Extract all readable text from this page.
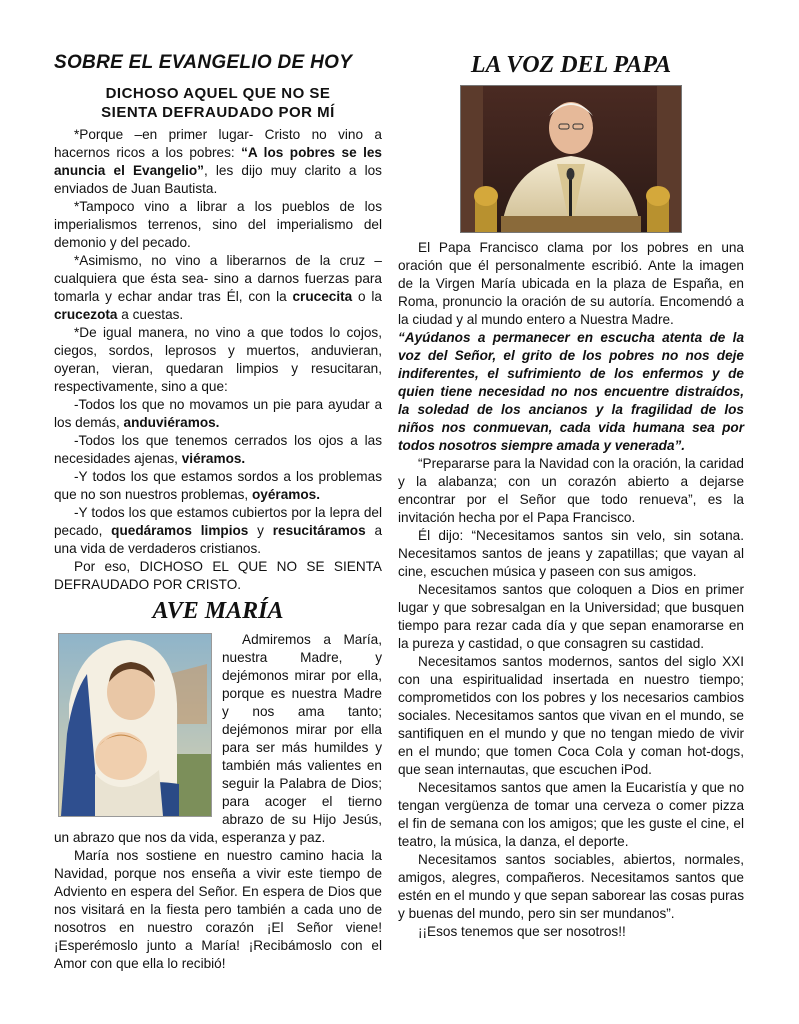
SOBRE EL EVANGELIO DE HOY
DICHOSO AQUEL QUE NO SE
SIENTA DEFRAUDADO POR MÍ

*Porque –en primer lugar- Cristo no vino a hacernos ricos a los pobres: “A los pobres se les anuncia el Evangelio”, les dijo muy clarito a los enviados de Juan Bautista.

*Tampoco vino a librar a los pueblos de los imperialismos terrenos, sino del imperialismo del demonio y del pecado.

*Asimismo, no vino a liberarnos de la cruz – cualquiera que ésta sea- sino a darnos fuerzas para tomarla y echar andar tras Él, con la crucecita o la crucezota a cuestas.

*De igual manera, no vino a que todos lo cojos, ciegos, sordos, leprosos y muertos, anduvieran, oyeran, vieran, quedaran limpios y resucitaran, respectivamente, sino a que:

-Todos los que no movamos un pie para ayudar a los demás, anduviéramos.

-Todos los que tenemos cerrados los ojos a las necesidades ajenas, viéramos.

-Y todos los que estamos sordos a los problemas que no son nuestros problemas, oyéramos.

-Y todos los que estamos cubiertos por la lepra del pecado, quedáramos limpios y resucitáramos a una vida de verdaderos cristianos.

Por eso, DICHOSO EL QUE NO SE SIENTA DEFRAUDADO POR CRISTO.

AVE MARÍA

Admiremos a María, nuestra Madre, y dejémonos mirar por ella, porque es nuestra Madre y nos ama tanto; dejémonos mirar por ella para ser más humildes y también más valientes en seguir la Palabra de Dios; para acoger el tierno abrazo de su Hijo Jesús, un abrazo que nos da vida, esperanza y paz.

María nos sostiene en nuestro camino hacia la Navidad, porque nos enseña a vivir este tiempo de Adviento en espera del Señor. En espera de Dios que nos visitará en la fiesta pero también a cada uno de nosotros en nuestro corazón ¡El Señor viene! ¡Esperémoslo junto a María! ¡Recibámoslo con el Amor con que ella lo recibió!

LA VOZ DEL PAPA

El Papa Francisco clama por los pobres en una oración que él personalmente escribió. Ante la imagen de la Virgen María ubicada en la plaza de España, en Roma, pronuncio la oración de su autoría. Encomendó a la ciudad y al mundo entero a Nuestra Madre.

“Ayúdanos a permanecer en escucha atenta de la voz del Señor, el grito de los pobres no nos deje indiferentes, el sufrimiento de los enfermos y de quien tiene necesidad no nos encuentre distraídos, la soledad de los ancianos y la fragilidad de los niños nos conmuevan, cada vida humana sea por todos nosotros siempre amada y venerada”.

“Prepararse para la Navidad con la oración, la caridad y la alabanza; con un corazón abierto a dejarse encontrar por el Señor que todo renueva”, es la invitación hecha por el Papa Francisco.

Él dijo: “Necesitamos santos sin velo, sin sotana. Necesitamos santos de jeans y zapatillas; que vayan al cine, escuchen música y paseen con sus amigos.

Necesitamos santos que coloquen a Dios en primer lugar y que sobresalgan en la Universidad; que busquen tiempo para rezar cada día y que sepan enamorarse en la pureza y castidad, o que consagren su castidad.

Necesitamos santos modernos, santos del siglo XXI con una espiritualidad insertada en nuestro tiempo; comprometidos con los pobres y los necesarios cambios sociales. Necesitamos santos que vivan en el mundo, se santifiquen en el mundo y que no tengan miedo de vivir en el mundo; que tomen Coca Cola y coman hot-dogs, que sean internautas, que escuchen iPod.

Necesitamos santos que amen la Eucaristía y que no tengan vergüenza de tomar una cerveza o comer pizza el fin de semana con los amigos; que les guste el cine, el teatro, la música, la danza, el deporte.

Necesitamos santos sociables, abiertos, normales, amigos, alegres, compañeros. Necesitamos santos que estén en el mundo y que sepan saborear las cosas puras y buenas del mundo, pero sin ser mundanos”.

¡¡Esos tenemos que ser nosotros!!
